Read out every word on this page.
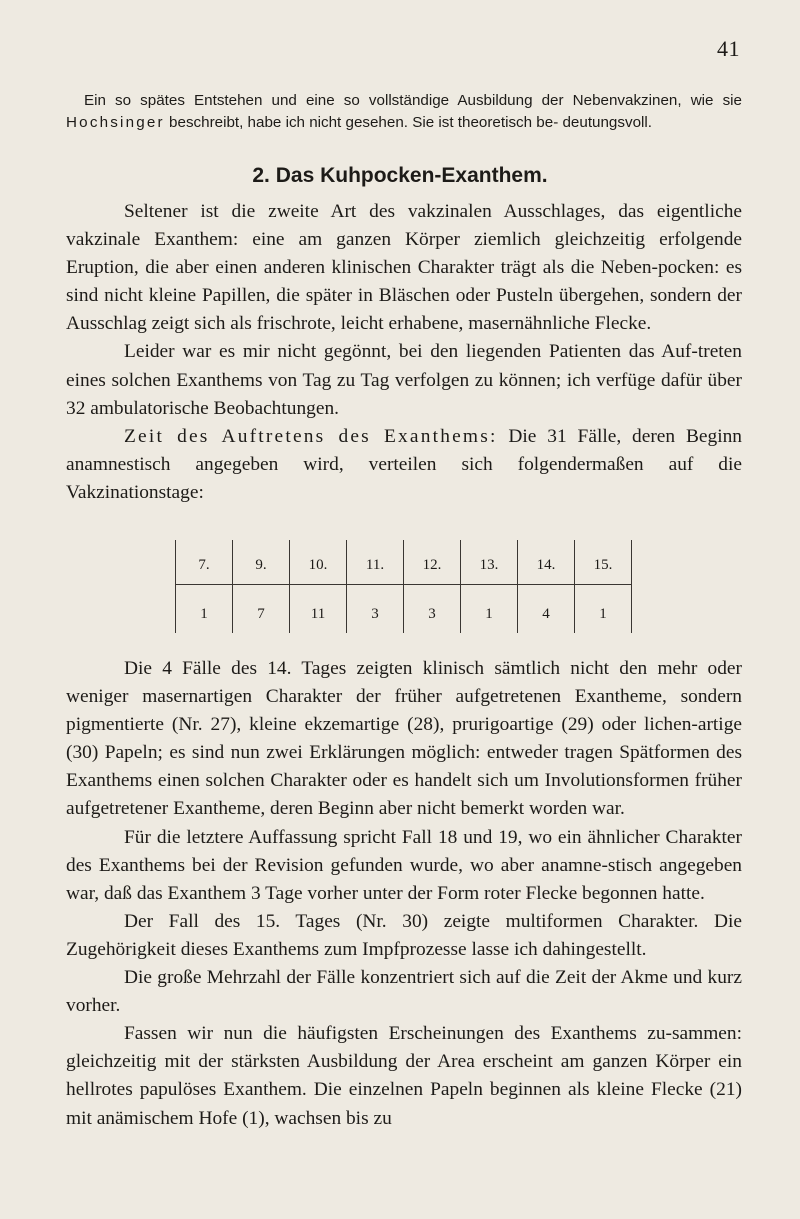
41

Ein so spätes Entstehen und eine so vollständige Ausbildung der Nebenvakzinen, wie sie Hochsinger beschreibt, habe ich nicht gesehen. Sie ist theoretisch be- deutungsvoll.

2. Das Kuhpocken-Exanthem.

Seltener ist die zweite Art des vakzinalen Ausschlages, das eigentliche vakzinale Exanthem: eine am ganzen Körper ziemlich gleichzeitig erfolgende Eruption, die aber einen anderen klinischen Charakter trägt als die Neben-pocken: es sind nicht kleine Papillen, die später in Bläschen oder Pusteln übergehen, sondern der Ausschlag zeigt sich als frischrote, leicht erhabene, masernähnliche Flecke.

Leider war es mir nicht gegönnt, bei den liegenden Patienten das Auf-treten eines solchen Exanthems von Tag zu Tag verfolgen zu können; ich verfüge dafür über 32 ambulatorische Beobachtungen.

Zeit des Auftretens des Exanthems: Die 31 Fälle, deren Beginn anamnestisch angegeben wird, verteilen sich folgendermaßen auf die Vakzinationstage:

7.	9.	10.	11.	12.	13.	14.	15.
1	7	11	3	3	1	4	1

Die 4 Fälle des 14. Tages zeigten klinisch sämtlich nicht den mehr oder weniger masernartigen Charakter der früher aufgetretenen Exantheme, sondern pigmentierte (Nr. 27), kleine ekzemartige (28), prurigoartige (29) oder lichen-artige (30) Papeln; es sind nun zwei Erklärungen möglich: entweder tragen Spätformen des Exanthems einen solchen Charakter oder es handelt sich um Involutionsformen früher aufgetretener Exantheme, deren Beginn aber nicht bemerkt worden war.

Für die letztere Auffassung spricht Fall 18 und 19, wo ein ähnlicher Charakter des Exanthems bei der Revision gefunden wurde, wo aber anamne-stisch angegeben war, daß das Exanthem 3 Tage vorher unter der Form roter Flecke begonnen hatte.

Der Fall des 15. Tages (Nr. 30) zeigte multiformen Charakter. Die Zugehörigkeit dieses Exanthems zum Impfprozesse lasse ich dahingestellt.

Die große Mehrzahl der Fälle konzentriert sich auf die Zeit der Akme und kurz vorher.

Fassen wir nun die häufigsten Erscheinungen des Exanthems zu-sammen: gleichzeitig mit der stärksten Ausbildung der Area erscheint am ganzen Körper ein hellrotes papulöses Exanthem. Die einzelnen Papeln beginnen als kleine Flecke (21) mit anämischem Hofe (1), wachsen bis zu
